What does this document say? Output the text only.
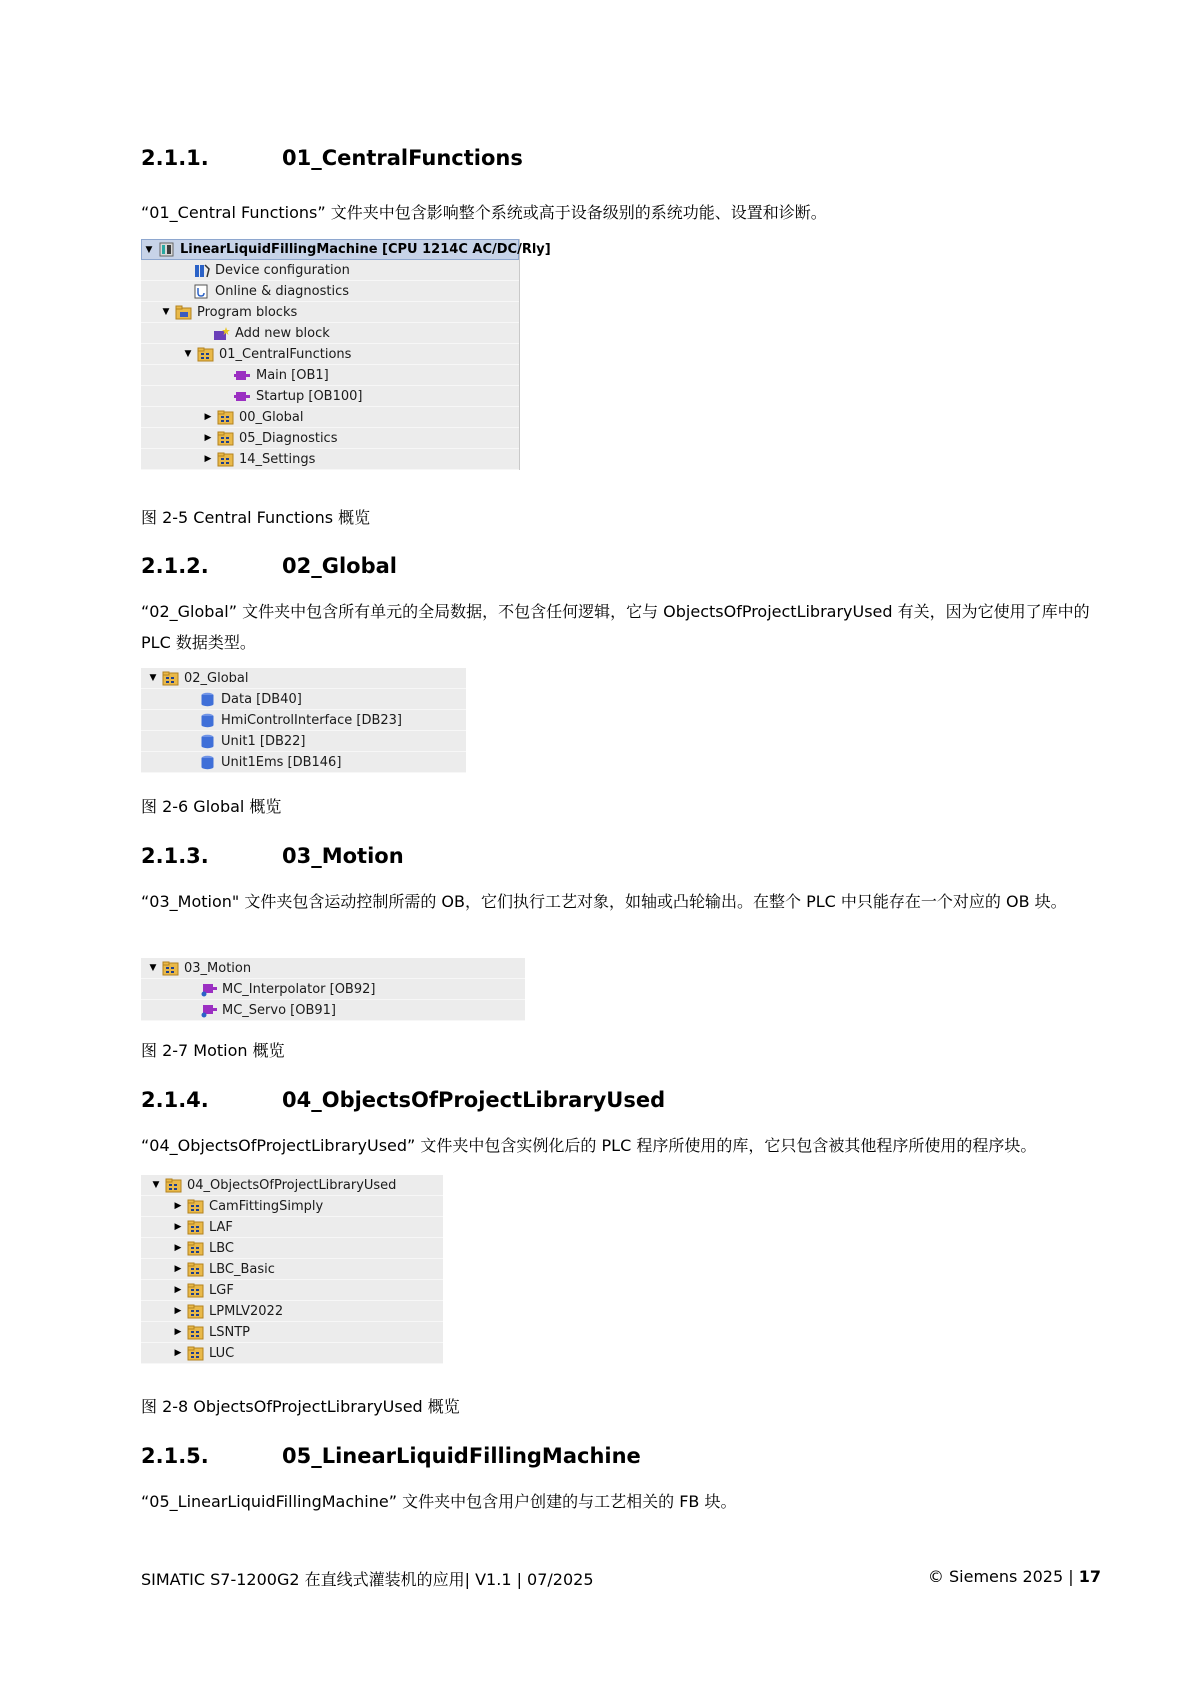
2.1.1.	01_CentralFunctions

“01_Central Functions” 文件夹中包含影响整个系统或高于设备级别的系统功能、设置和诊断。

▼ LinearLiquidFillingMachine [CPU 1214C AC/DC/Rly]
Device configuration
Online & diagnostics
▼ Program blocks
Add new block
▼ 01_CentralFunctions
Main [OB1]
Startup [OB100]
▶ 00_Global
▶ 05_Diagnostics
▶ 14_Settings

图 2-5 Central Functions 概览

2.1.2.	02_Global

“02_Global” 文件夹中包含所有单元的全局数据，不包含任何逻辑，它与 ObjectsOfProjectLibraryUsed 有关，因为它使用了库中的 PLC 数据类型。

▼ 02_Global
Data [DB40]
HmiControlInterface [DB23]
Unit1 [DB22]
Unit1Ems [DB146]

图 2-6 Global 概览

2.1.3.	03_Motion

“03_Motion" 文件夹包含运动控制所需的 OB，它们执行工艺对象，如轴或凸轮输出。在整个 PLC 中只能存在一个对应的 OB 块。

▼ 03_Motion
MC_Interpolator [OB92]
MC_Servo [OB91]

图 2-7 Motion 概览

2.1.4.	04_ObjectsOfProjectLibraryUsed

“04_ObjectsOfProjectLibraryUsed” 文件夹中包含实例化后的 PLC 程序所使用的库，它只包含被其他程序所使用的程序块。

▼ 04_ObjectsOfProjectLibraryUsed
▶ CamFittingSimply
▶ LAF
▶ LBC
▶ LBC_Basic
▶ LGF
▶ LPMLV2022
▶ LSNTP
▶ LUC

图 2-8 ObjectsOfProjectLibraryUsed 概览

2.1.5.	05_LinearLiquidFillingMachine

“05_LinearLiquidFillingMachine” 文件夹中包含用户创建的与工艺相关的 FB 块。

SIMATIC S7-1200G2 在直线式灌装机的应用| V1.1 | 07/2025	© Siemens 2025 | 17
